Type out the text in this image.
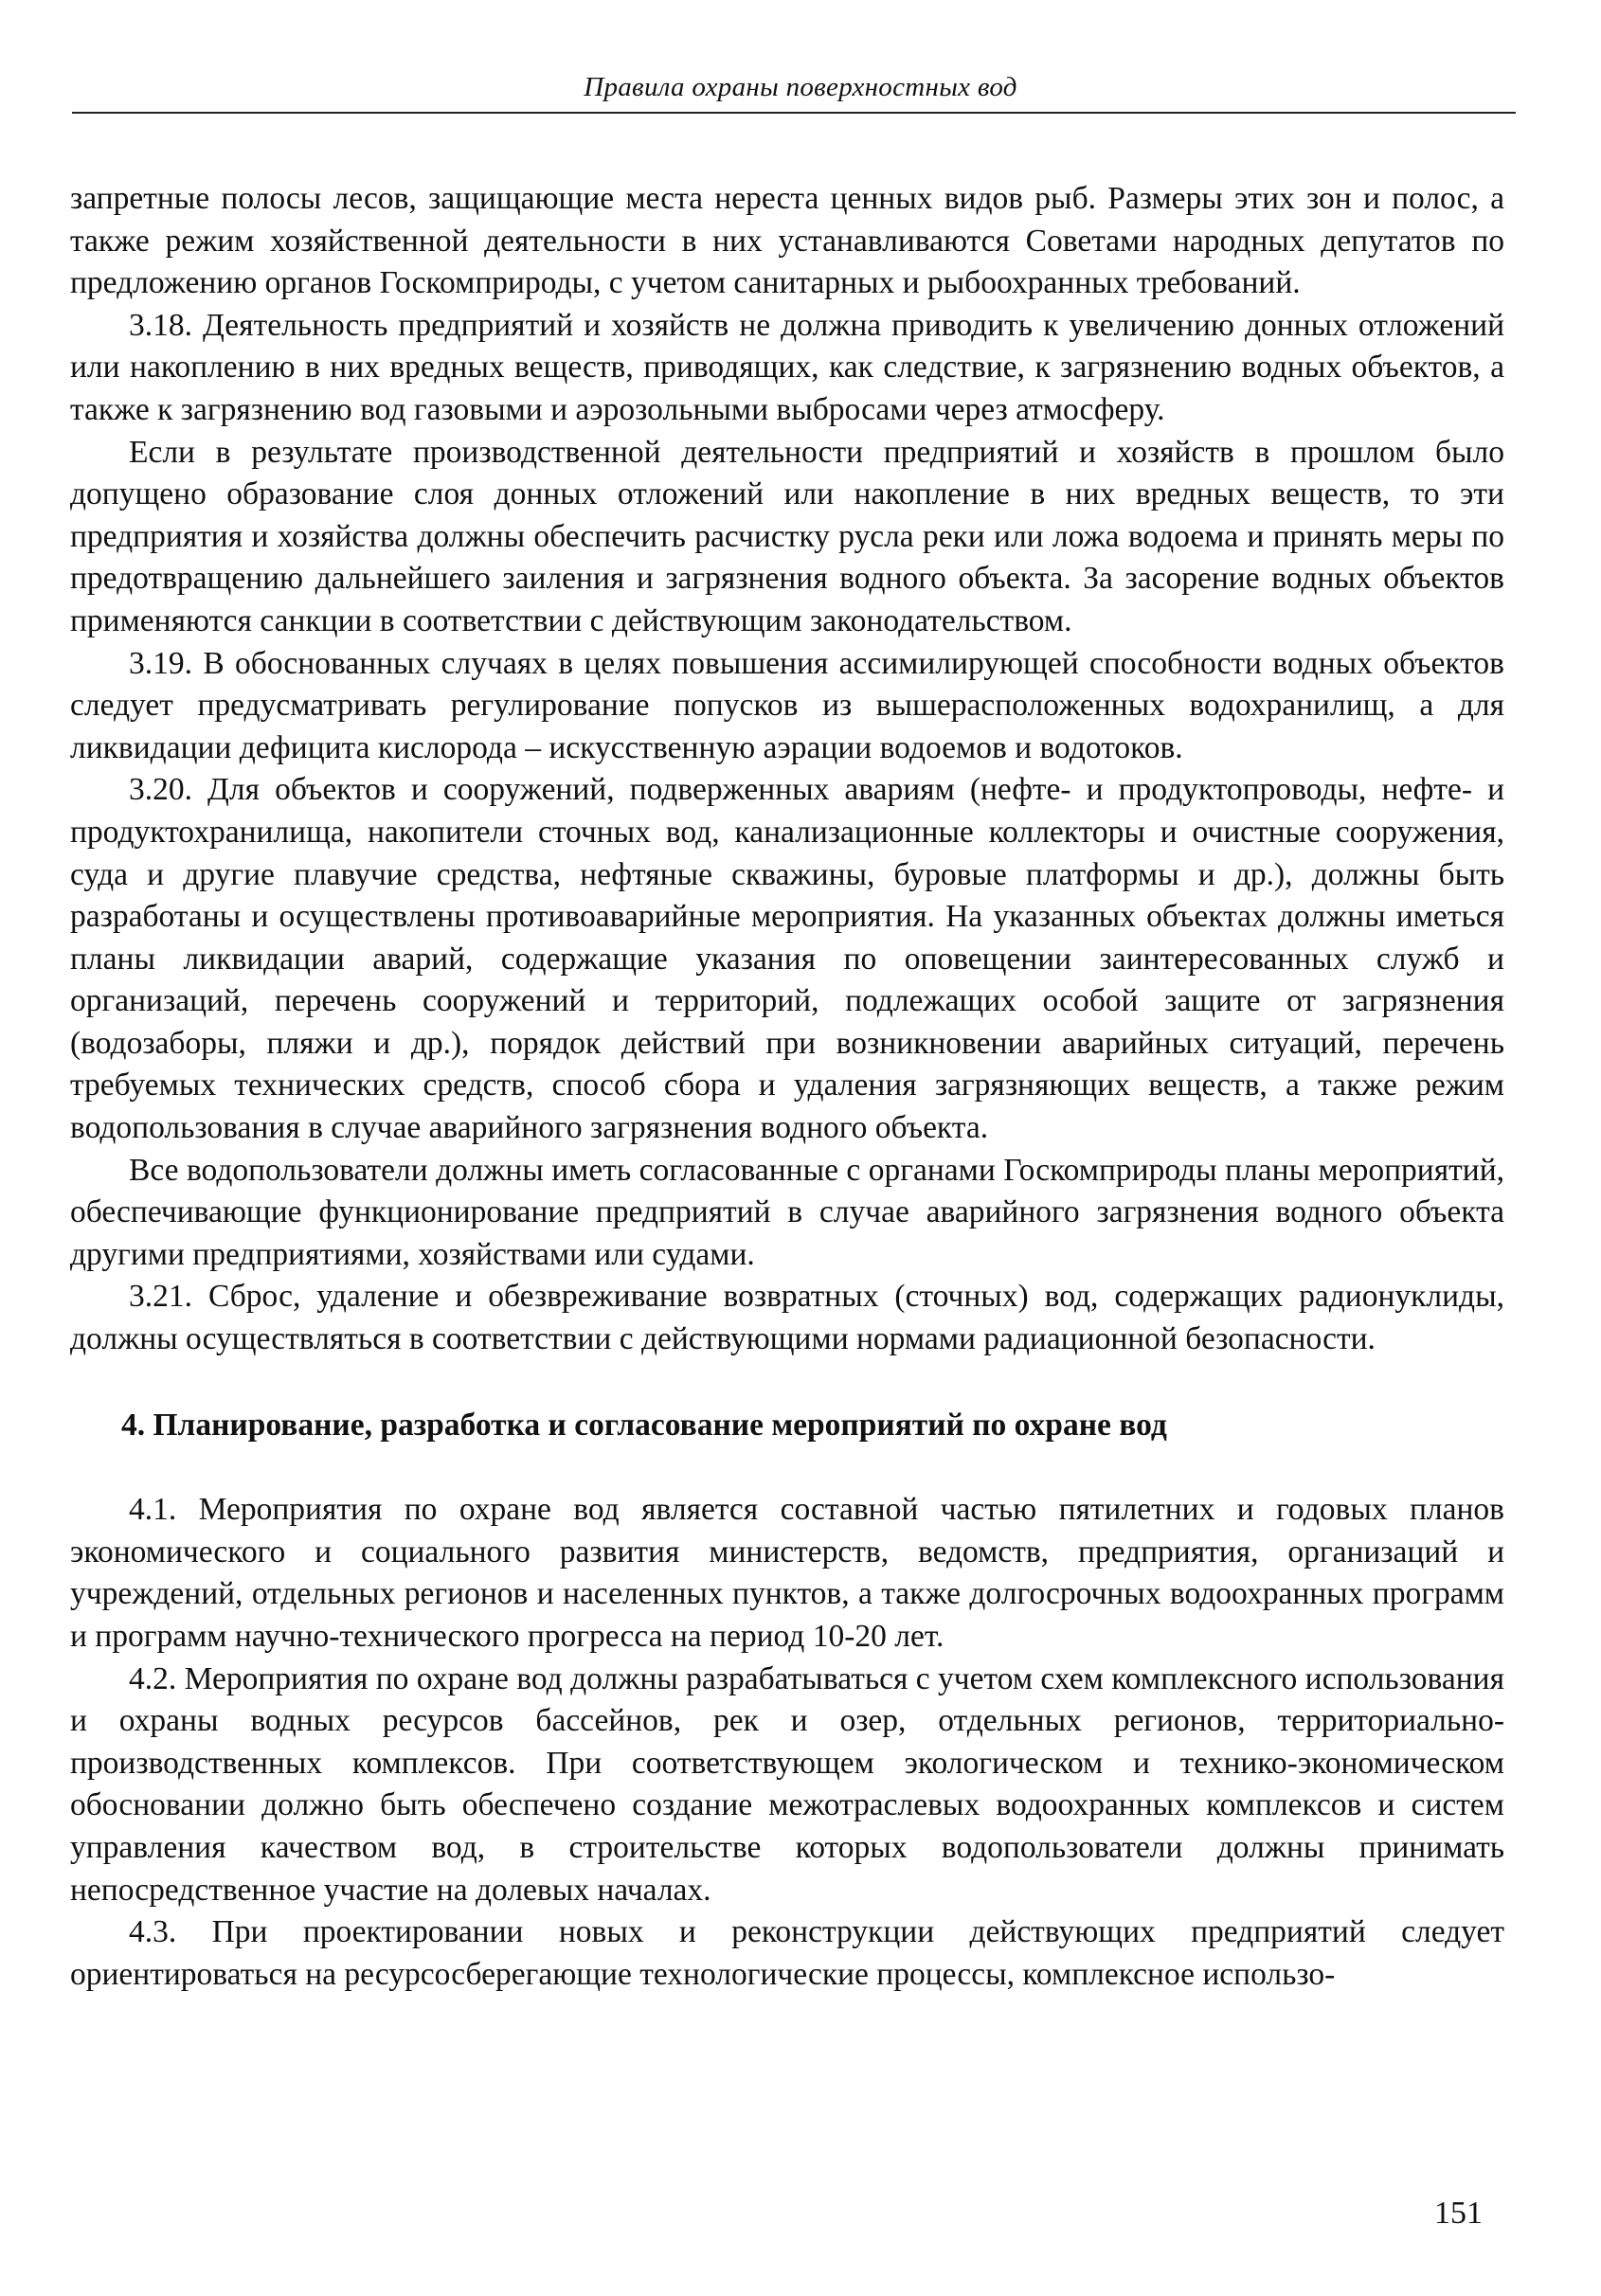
Правила охраны поверхностных вод

запретные полосы лесов, защищающие места нереста ценных видов рыб. Размеры этих зон и полос, а также режим хозяйственной деятельности в них устанавливаются Советами народных депутатов по предложению органов Госкомприроды, с учетом санитарных и рыбоохранных требований.

3.18. Деятельность предприятий и хозяйств не должна приводить к увеличению донных отложений или накоплению в них вредных веществ, приводящих, как следствие, к загрязнению водных объектов, а также к загрязнению вод газовыми и аэрозольными выбросами через атмосферу.

Если в результате производственной деятельности предприятий и хозяйств в прошлом было допущено образование слоя донных отложений или накопление в них вредных веществ, то эти предприятия и хозяйства должны обеспечить расчистку русла реки или ложа водоема и принять меры по предотвращению дальнейшего заиления и загрязнения водного объекта. За засорение водных объектов применяются санкции в соответствии с действующим законодательством.

3.19. В обоснованных случаях в целях повышения ассимилирующей способности водных объектов следует предусматривать регулирование попусков из вышерасположенных водохранилищ, а для ликвидации дефицита кислорода – искусственную аэрации водоемов и водотоков.

3.20. Для объектов и сооружений, подверженных авариям (нефте- и продуктопроводы, нефте- и продуктохранилища, накопители сточных вод, канализационные коллекторы и очистные сооружения, суда и другие плавучие средства, нефтяные скважины, буровые платформы и др.), должны быть разработаны и осуществлены противоаварийные мероприятия. На указанных объектах должны иметься планы ликвидации аварий, содержащие указания по оповещении заинтересованных служб и организаций, перечень сооружений и территорий, подлежащих особой защите от загрязнения (водозаборы, пляжи и др.), порядок действий при возникновении аварийных ситуаций, перечень требуемых технических средств, способ сбора и удаления загрязняющих веществ, а также режим водопользования в случае аварийного загрязнения водного объекта.

Все водопользователи должны иметь согласованные с органами Госкомприроды планы мероприятий, обеспечивающие функционирование предприятий в случае аварийного загрязнения водного объекта другими предприятиями, хозяйствами или судами.

3.21. Сброс, удаление и обезвреживание возвратных (сточных) вод, содержащих радионуклиды, должны осуществляться в соответствии с действующими нормами радиационной безопасности.

4. Планирование, разработка и согласование мероприятий по охране вод

4.1. Мероприятия по охране вод является составной частью пятилетних и годовых планов экономического и социального развития министерств, ведомств, предприятия, организаций и учреждений, отдельных регионов и населенных пунктов, а также долгосрочных водоохранных программ и программ научно-технического прогресса на период 10-20 лет.

4.2. Мероприятия по охране вод должны разрабатываться с учетом схем комплексного использования и охраны водных ресурсов бассейнов, рек и озер, отдельных регионов, территориально-производственных комплексов. При соответствующем экологическом и технико-экономическом обосновании должно быть обеспечено создание межотраслевых водоохранных комплексов и систем управления качеством вод, в строительстве которых водопользователи должны принимать непосредственное участие на долевых началах.

4.3. При проектировании новых и реконструкции действующих предприятий следует ориентироваться на ресурсосберегающие технологические процессы, комплексное использо-

151
